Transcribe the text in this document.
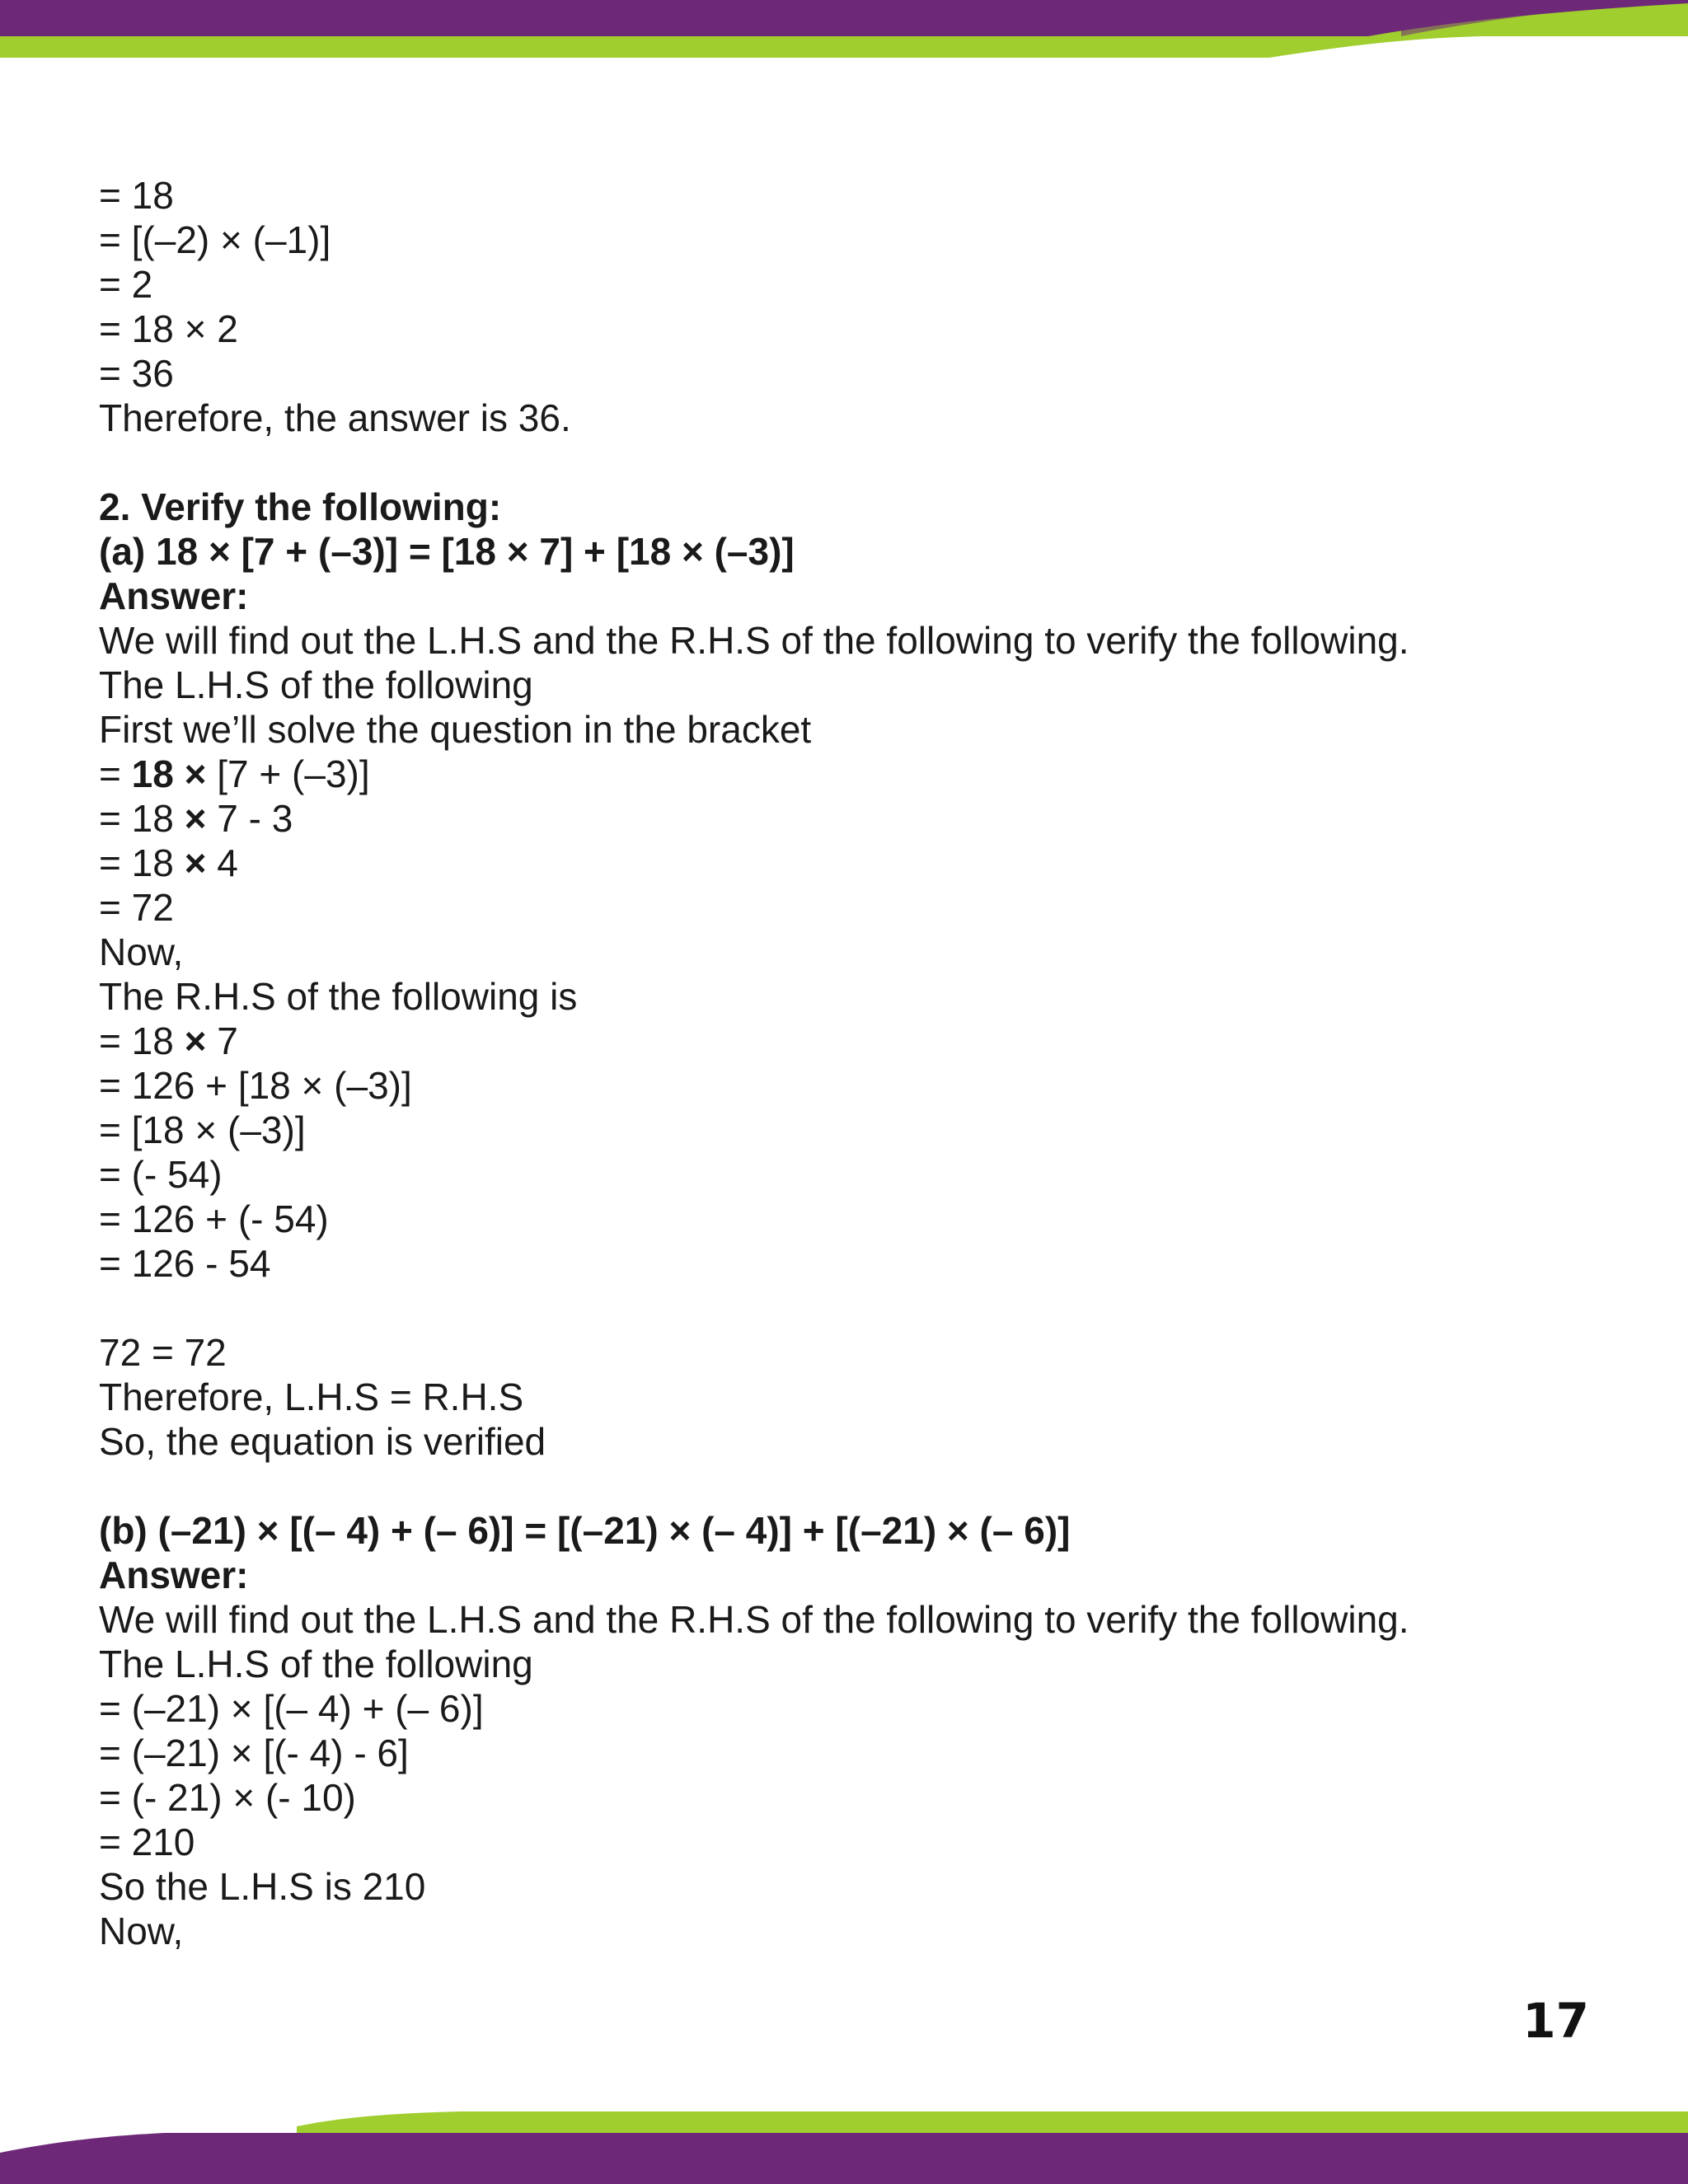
= 18
= [(–2) × (–1)]
= 2
= 18 × 2
= 36
Therefore, the answer is 36.
2. Verify the following:
(a) 18 × [7 + (–3)] = [18 × 7] + [18 × (–3)]
Answer:
We will find out the L.H.S and the R.H.S of the following to verify the following.
The L.H.S of the following
First we’ll solve the question in the bracket
= 18 × [7 + (–3)]
= 18 × 7 - 3
= 18 × 4
= 72
Now,
The R.H.S of the following is
= 18 × 7
= 126 + [18 × (–3)]
= [18 × (–3)]
= (- 54)
= 126 + (- 54)
= 126 - 54
72 = 72
Therefore, L.H.S = R.H.S
So, the equation is verified
(b) (–21) × [(– 4) + (– 6)] = [(–21) × (– 4)] + [(–21) × (– 6)]
Answer:
We will find out the L.H.S and the R.H.S of the following to verify the following.
The L.H.S of the following
= (–21) × [(– 4) + (– 6)]
= (–21) × [(- 4) - 6]
= (- 21) × (- 10)
= 210
So the L.H.S is 210
Now,
17
